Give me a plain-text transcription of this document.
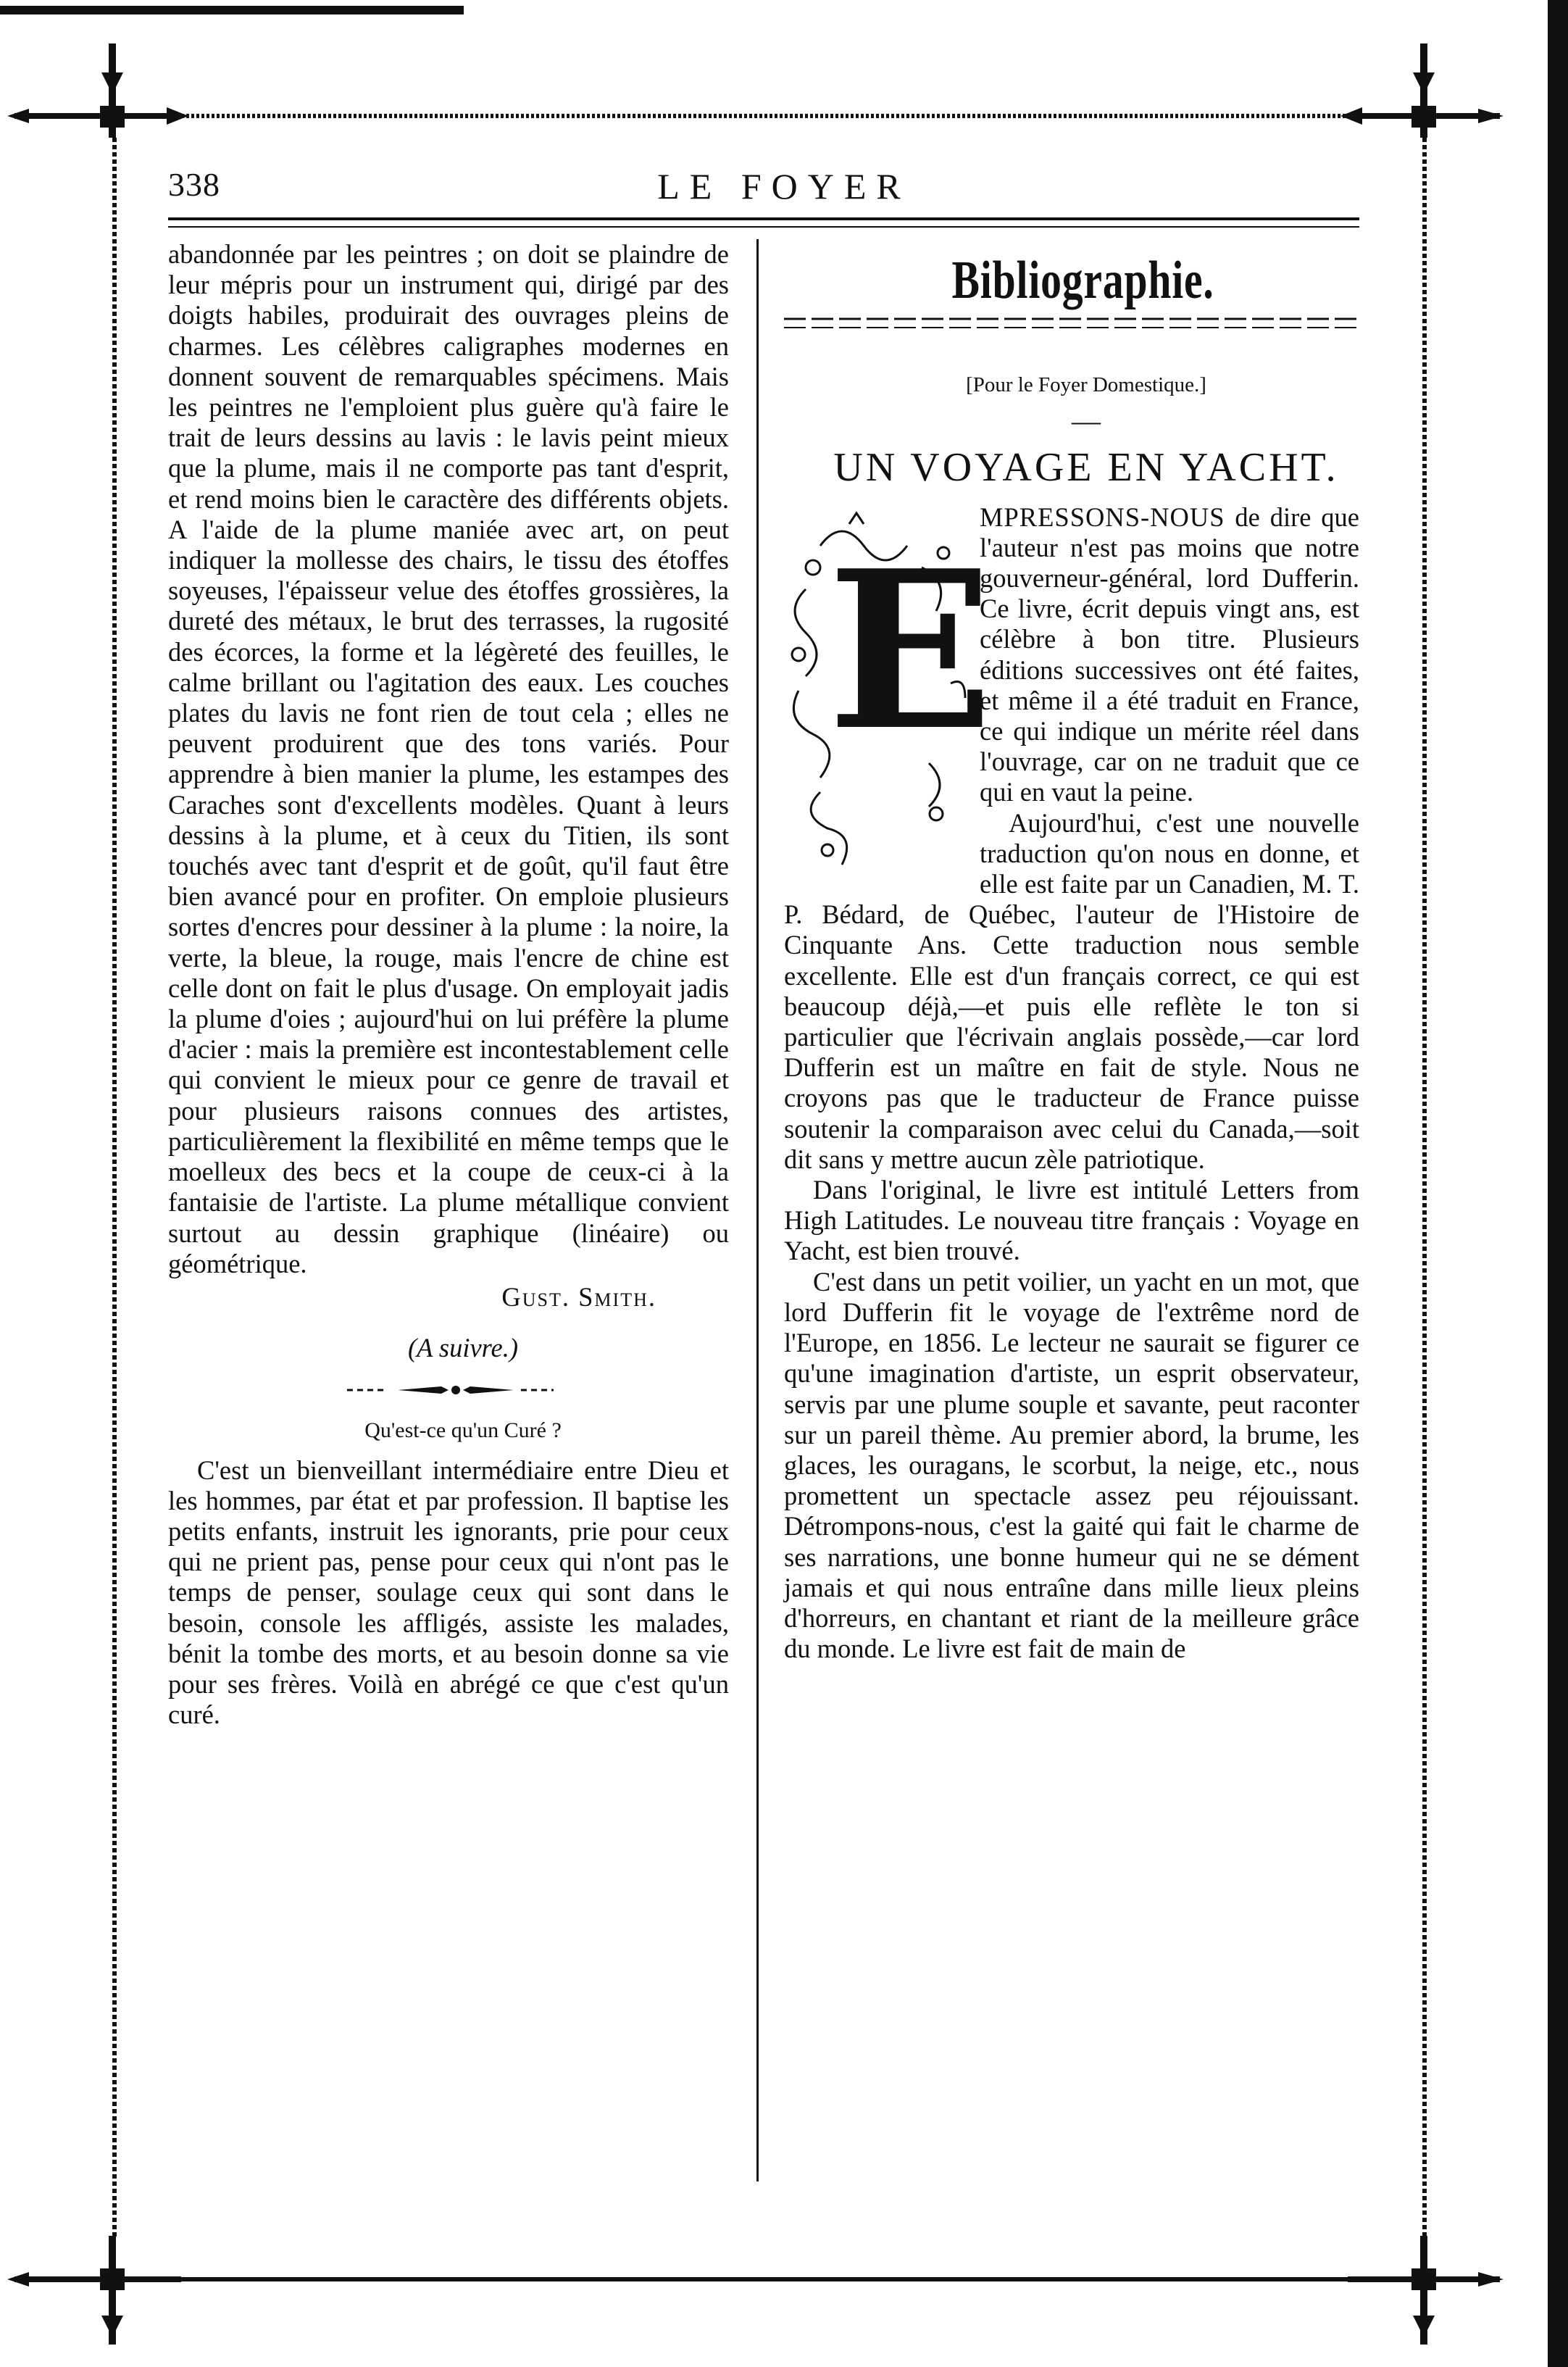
338	LE FOYER

abandonnée par les peintres ; on doit se plaindre de leur mépris pour un instrument qui, dirigé par des doigts habiles, produirait des ouvrages pleins de charmes. Les célèbres caligraphes modernes en donnent souvent de remarquables spécimens. Mais les peintres ne l'emploient plus guère qu'à faire le trait de leurs dessins au lavis : le lavis peint mieux que la plume, mais il ne comporte pas tant d'esprit, et rend moins bien le caractère des différents objets. A l'aide de la plume maniée avec art, on peut indiquer la mollesse des chairs, le tissu des étoffes soyeuses, l'épaisseur velue des étoffes grossières, la dureté des métaux, le brut des terrasses, la rugosité des écorces, la forme et la légèreté des feuilles, le calme brillant ou l'agitation des eaux. Les couches plates du lavis ne font rien de tout cela ; elles ne peuvent produirent que des tons variés. Pour apprendre à bien manier la plume, les estampes des Caraches sont d'excellents modèles. Quant à leurs dessins à la plume, et à ceux du Titien, ils sont touchés avec tant d'esprit et de goût, qu'il faut être bien avancé pour en profiter. On emploie plusieurs sortes d'encres pour dessiner à la plume : la noire, la verte, la bleue, la rouge, mais l'encre de chine est celle dont on fait le plus d'usage. On employait jadis la plume d'oies ; aujourd'hui on lui préfère la plume d'acier : mais la première est incontestablement celle qui convient le mieux pour ce genre de travail et pour plusieurs raisons connues des artistes, particulièrement la flexibilité en même temps que le moelleux des becs et la coupe de ceux-ci à la fantaisie de l'artiste. La plume métallique convient surtout au dessin graphique (linéaire) ou géométrique.

Gust. Smith.

(A suivre.)

Qu'est-ce qu'un Curé ?

C'est un bienveillant intermédiaire entre Dieu et les hommes, par état et par profession. Il baptise les petits enfants, instruit les ignorants, prie pour ceux qui ne prient pas, pense pour ceux qui n'ont pas le temps de penser, soulage ceux qui sont dans le besoin, console les affligés, assiste les malades, bénit la tombe des morts, et au besoin donne sa vie pour ses frères. Voilà en abrégé ce que c'est qu'un curé.

Bibliographie.

[Pour le Foyer Domestique.]

—

UN VOYAGE EN YACHT.

E

MPRESSONS-NOUS de dire que l'auteur n'est pas moins que notre gouverneur-général, lord Dufferin. Ce livre, écrit depuis vingt ans, est célèbre à bon titre. Plusieurs éditions successives ont été faites, et même il a été traduit en France, ce qui indique un mérite réel dans l'ouvrage, car on ne traduit que ce qui en vaut la peine.

Aujourd'hui, c'est une nouvelle traduction qu'on nous en donne, et elle est faite par un Canadien, M. T. P. Bédard, de Québec, l'auteur de l'Histoire de Cinquante Ans. Cette traduction nous semble excellente. Elle est d'un français correct, ce qui est beaucoup déjà,—et puis elle reflète le ton si particulier que l'écrivain anglais possède,—car lord Dufferin est un maître en fait de style. Nous ne croyons pas que le traducteur de France puisse soutenir la comparaison avec celui du Canada,—soit dit sans y mettre aucun zèle patriotique.

Dans l'original, le livre est intitulé Letters from High Latitudes. Le nouveau titre français : Voyage en Yacht, est bien trouvé.

C'est dans un petit voilier, un yacht en un mot, que lord Dufferin fit le voyage de l'extrême nord de l'Europe, en 1856. Le lecteur ne saurait se figurer ce qu'une imagination d'artiste, un esprit observateur, servis par une plume souple et savante, peut raconter sur un pareil thème. Au premier abord, la brume, les glaces, les ouragans, le scorbut, la neige, etc., nous promettent un spectacle assez peu réjouissant. Détrompons-nous, c'est la gaité qui fait le charme de ses narrations, une bonne humeur qui ne se dément jamais et qui nous entraîne dans mille lieux pleins d'horreurs, en chantant et riant de la meilleure grâce du monde. Le livre est fait de main de
